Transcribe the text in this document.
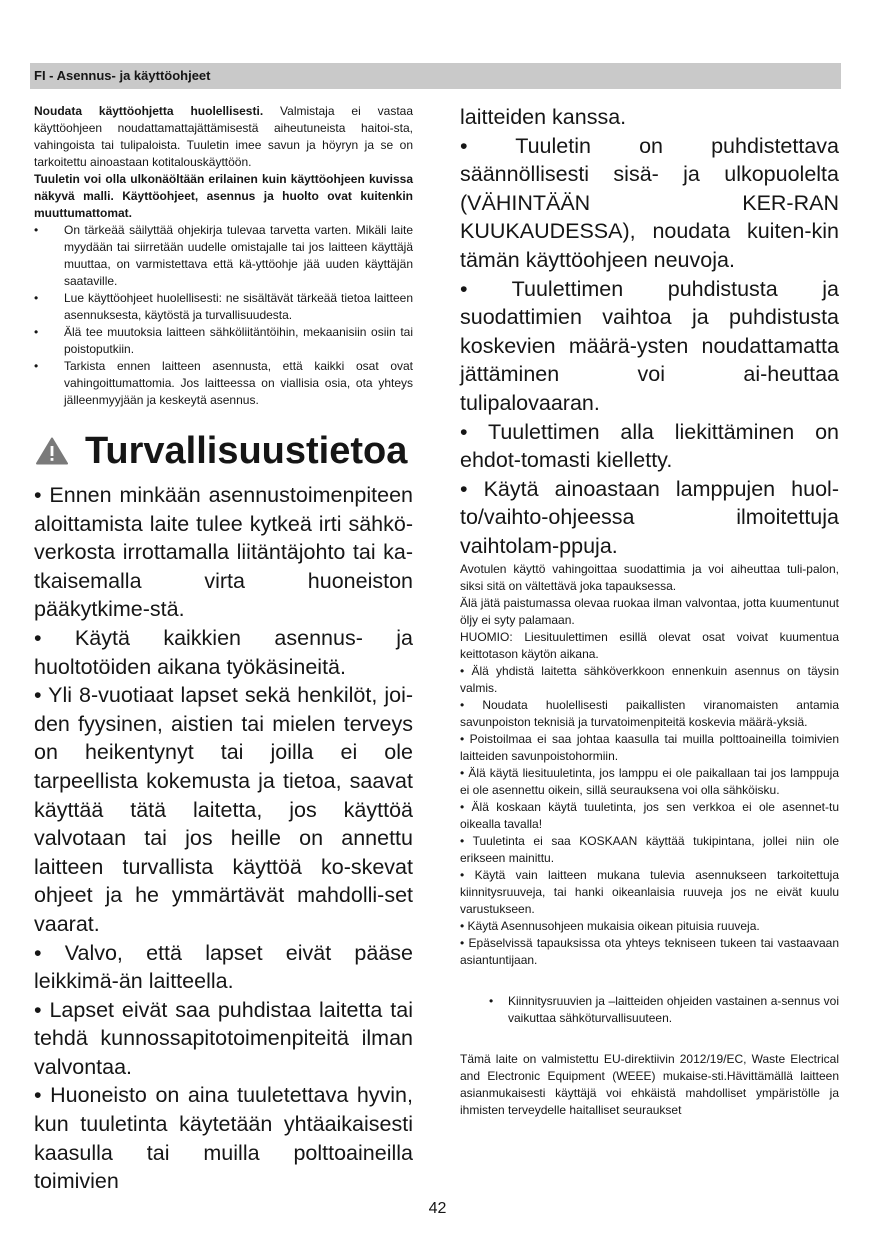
FI - Asennus- ja käyttöohjeet

Noudata käyttöohjetta huolellisesti. Valmistaja ei vastaa käyttöohjeen noudattamattajättämisestä aiheutuneista haitoi-sta, vahingoista tai tulipaloista. Tuuletin imee savun ja höyryn ja se on tarkoitettu ainoastaan kotitalouskäyttöön.

Tuuletin voi olla ulkonäöltään erilainen kuin käyttöohjeen kuvissa näkyvä malli. Käyttöohjeet, asennus ja huolto ovat kuitenkin muuttumattomat.

• On tärkeää säilyttää ohjekirja tulevaa tarvetta varten. Mikäli laite myydään tai siirretään uudelle omistajalle tai jos laitteen käyttäjä muuttaa, on varmistettava että kä-yttöohje jää uuden käyttäjän saataville.
• Lue käyttöohjeet huolellisesti: ne sisältävät tärkeää tietoa laitteen asennuksesta, käytöstä ja turvallisuudesta.
• Älä tee muutoksia laitteen sähköliitäntöihin, mekaanisiin osiin tai poistoputkiin.
• Tarkista ennen laitteen asennusta, että kaikki osat ovat vahingoittumattomia. Jos laitteessa on viallisia osia, ota yhteys jälleenmyyjään ja keskeytä asennus.
Turvallisuustietoa

• Ennen minkään asennustoimenpiteen aloittamista laite tulee kytkeä irti sähkö-verkosta irrottamalla liitäntäjohto tai ka-tkaisemalla virta huoneiston pääkytkime-stä.

• Käytä kaikkien asennus- ja huoltotöiden aikana työkäsineitä.

• Yli 8-vuotiaat lapset sekä henkilöt, joi-den fyysinen, aistien tai mielen terveys on heikentynyt tai joilla ei ole tarpeellista kokemusta ja tietoa, saavat käyttää tätä laitetta, jos käyttöä valvotaan tai jos heille on annettu laitteen turvallista käyttöä ko-skevat ohjeet ja he ymmärtävät mahdolli-set vaarat.

• Valvo, että lapset eivät pääse leikkimä-än laitteella.

• Lapset eivät saa puhdistaa laitetta tai tehdä kunnossapitotoimenpiteitä ilman valvontaa.

• Huoneisto on aina tuuletettava hyvin, kun tuuletinta käytetään yhtäaikaisesti kaasulla tai muilla polttoaineilla toimivien

laitteiden kanssa.

• Tuuletin on puhdistettava säännöllisesti sisä- ja ulkopuolelta (VÄHINTÄÄN KER-RAN KUUKAUDESSA), noudata kuiten-kin tämän käyttöohjeen neuvoja.

• Tuulettimen puhdistusta ja suodattimien vaihtoa ja puhdistusta koskevien määrä-ysten noudattamatta jättäminen voi ai-heuttaa tulipalovaaran.

• Tuulettimen alla liekittäminen on ehdot-tomasti kielletty.

• Käytä ainoastaan lamppujen huol-to/vaihto-ohjeessa ilmoitettuja vaihtolam-ppuja.

Avotulen käyttö vahingoittaa suodattimia ja voi aiheuttaa tuli-palon, siksi sitä on vältettävä joka tapauksessa.

Älä jätä paistumassa olevaa ruokaa ilman valvontaa, jotta kuumentunut öljy ei syty palamaan.

HUOMIO: Liesituulettimen esillä olevat osat voivat kuumentua keittotason käytön aikana.

• Älä yhdistä laitetta sähköverkkoon ennenkuin asennus on täysin valmis.

• Noudata huolellisesti paikallisten viranomaisten antamia savunpoiston teknisiä ja turvatoimenpiteitä koskevia määrä-yksiä.

• Poistoilmaa ei saa johtaa kaasulla tai muilla polttoaineilla toimivien laitteiden savunpoistohormiin.

• Älä käytä liesituuletinta, jos lamppu ei ole paikallaan tai jos lamppuja ei ole asennettu oikein, sillä seurauksena voi olla sähköisku.

• Älä koskaan käytä tuuletinta, jos sen verkkoa ei ole asennet-tu oikealla tavalla!

• Tuuletinta ei saa KOSKAAN käyttää tukipintana, jollei niin ole erikseen mainittu.

• Käytä vain laitteen mukana tulevia asennukseen tarkoitettuja kiinnitysruuveja, tai hanki oikeanlaisia ruuveja jos ne eivät kuulu varustukseen.

• Käytä Asennusohjeen mukaisia oikean pituisia ruuveja.

• Epäselvissä tapauksissa ota yhteys tekniseen tukeen tai vastaavaan asiantuntijaan.

• Kiinnitysruuvien ja –laitteiden ohjeiden vastainen a-sennus voi vaikuttaa sähköturvallisuuteen.

Tämä laite on valmistettu EU-direktiivin 2012/19/EC, Waste Electrical and Electronic Equipment (WEEE) mukaise-sti.Hävittämällä laitteen asianmukaisesti käyttäjä voi ehkäistä mahdolliset ympäristölle ja ihmisten terveydelle haitalliset seuraukset

42
